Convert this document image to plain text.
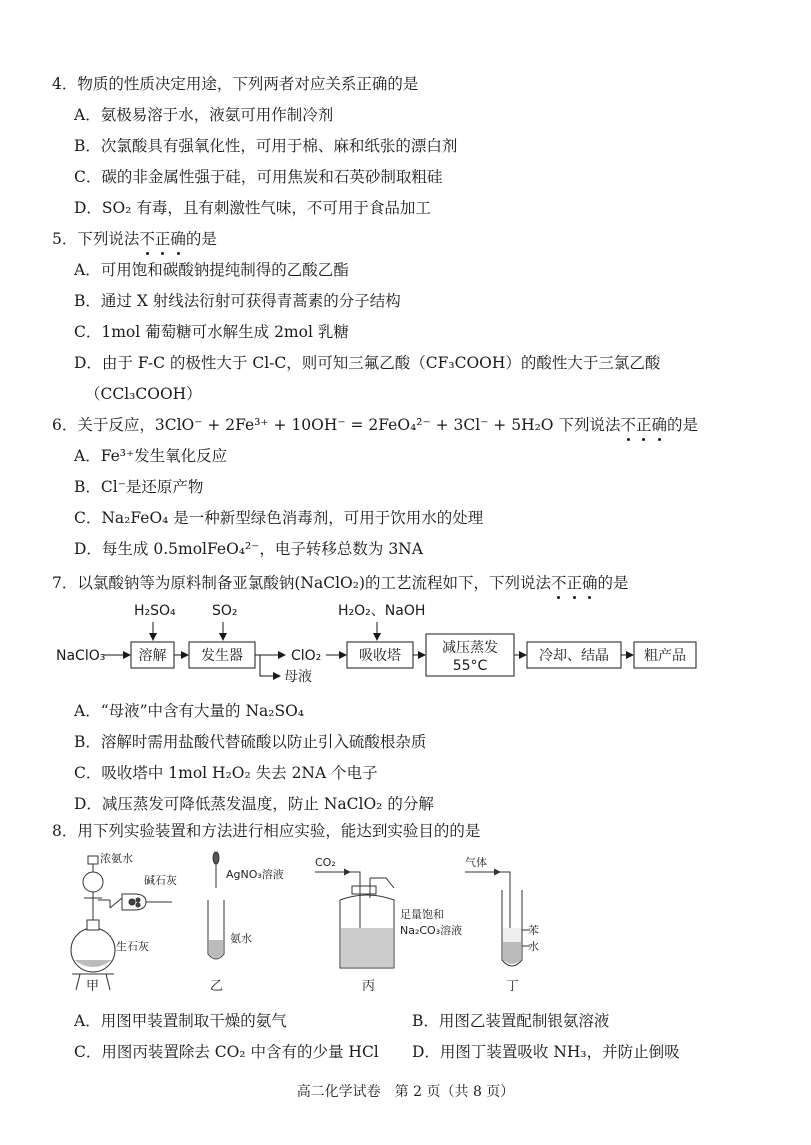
4．物质的性质决定用途，下列两者对应关系正确的是
A．氨极易溶于水，液氨可用作制冷剂
B．次氯酸具有强氧化性，可用于棉、麻和纸张的漂白剂
C．碳的非金属性强于硅，可用焦炭和石英砂制取粗硅
D．SO₂ 有毒，且有刺激性气味，不可用于食品加工
5．下列说法不正确的是
A．可用饱和碳酸钠提纯制得的乙酸乙酯
B．通过 X 射线法衍射可获得青蒿素的分子结构
C．1mol 葡萄糖可水解生成 2mol 乳糖
D．由于 F-C 的极性大于 Cl-C，则可知三氟乙酸（CF₃COOH）的酸性大于三氯乙酸
（CCl₃COOH）
6．关于反应，3ClO⁻ + 2Fe³⁺ + 10OH⁻ = 2FeO₄²⁻ + 3Cl⁻ + 5H₂O 下列说法不正确的是
A．Fe³⁺发生氧化反应
B．Cl⁻是还原产物
C．Na₂FeO₄ 是一种新型绿色消毒剂，可用于饮用水的处理
D．每生成 0.5molFeO₄²⁻，电子转移总数为 3NA
7．以氯酸钠等为原料制备亚氯酸钠(NaClO₂)的工艺流程如下，下列说法不正确的是
NaClO₃
H₂SO₄
溶解
SO₂
发生器	ClO₂
母液
H₂O₂、NaOH
吸收塔	减压蒸发
55°C
冷却、结晶	粗产品
A．“母液”中含有大量的 Na₂SO₄
B．溶解时需用盐酸代替硫酸以防止引入硫酸根杂质
C．吸收塔中 1mol H₂O₂ 失去 2NA 个电子
D．减压蒸发可降低蒸发温度，防止 NaClO₂ 的分解
8．用下列实验装置和方法进行相应实验，能达到实验目的的是
浓氨水
碱石灰
生石灰
甲
AgNO₃溶液
氨水
乙
CO₂
足量饱和
Na₂CO₃溶液
丙
气体
苯
水
丁
A．用图甲装置制取干燥的氨气	B．用图乙装置配制银氨溶液
C．用图丙装置除去 CO₂ 中含有的少量 HCl D．用图丁装置吸收 NH₃，并防止倒吸
高二化学试卷　第 2 页（共 8 页）
